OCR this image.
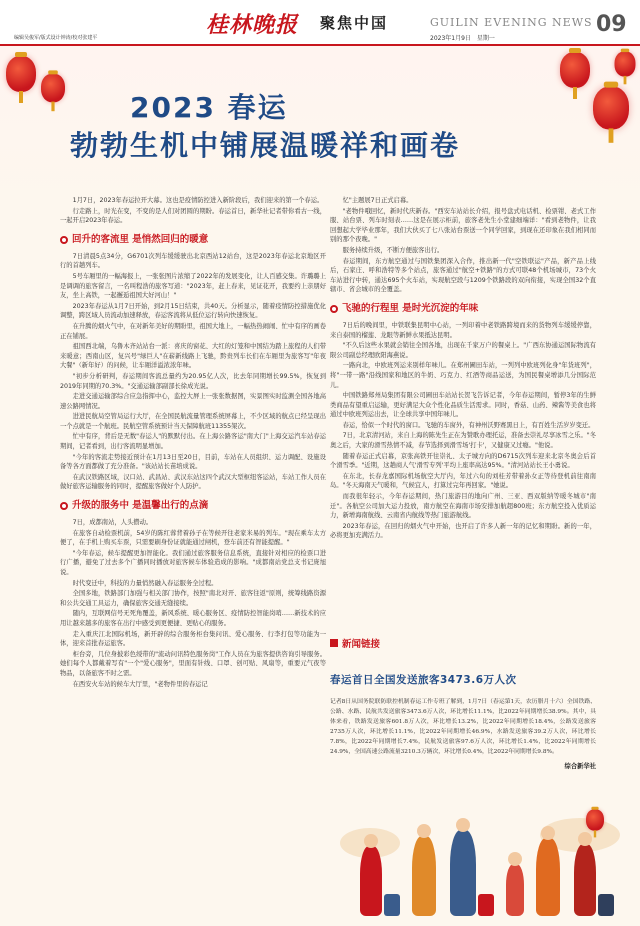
编辑吴俊军/版式设计钟涛/校对张建平	桂林晚报 聚焦中国	GUILIN EVENING NEWS
2023年1月9日　星期一
09
2023 春运
勃勃生机中铺展温暖祥和画卷

1月7日，2023年春运拉开大幕。这也是疫情防控进入新阶段后，我们迎来的第一个春运。

行走路上，时光在变，不变的是人们对团圆的期盼。春运首日，新华社记者带你看古一线，一起开启2023年春运。

回升的客流里 是悄然回归的暖意

7日清晨5点34分，G6701次列车缓缓驶出北京西站12站台，这是2023年春运北京地区开行的首趟列车。

5号车厢里的一幅海报上，一张张图片浓缩了2022年的发展变化，让人百感交集。许璐璐上是调调的旅客留言，一名叫程浩的旅客写道："2023年，赶上春来，见证花开，我要约上亲朋好友，坐上高铁，一起邂逅祖国大好河山！"

2023年春运从1月7日开始，到2月15日结束，共40天。分析显示，随着疫情防控措施优化调整，跨区域人员流动加速释放，春运客流将从低位运行转向快速恢复。

在升腾的烟火气中，在对新年美好的期盼里，祖国大地上，一幅热热闹闹、忙中有序的画卷正在铺展。

祖国西北端，乌鲁木齐站站台一派：喜庆的窗花、大红的灯笼和中国结为踏上旅程的人们带来暖意；西南山区，复兴号"绿巨人"在崭新线路上飞驰，黔贵列车长们在车厢里为旅客写"年夜大餐"（新年好）的问候，让车厢洋溢浓浓年味。

"初步分析研判，春运期间客流总量约为20.95亿人次，比去年同期增长99.5%，恢复到2019年同期的70.3%。"交通运输部副部长徐成光说。

走进交通运输部综合应急指挥中心，监控大屏上一张张数据图，实景图实时监测全国各地高速公路网情况。

进进民航局空管局运行大厅，在全国民航流量管理系统屏幕上，不少区域的航点已经呈现出一个点就是一个航班。民航空管系统预计当天保障航班11355架次。

忙中有序，背后是无数"春运人"的默默付出。在上海公路客运"南大门"上海交运汽车站春运期间，记者看到，出行客流明显增加。

"今年的客流走势接近预计在1月13日至20日，目前，车站在人员组织、运力调配、设施设备等各方面都做了充分准备。"该站站长苗培成说。

在武汉铁路区域，汉口站、武昌站、武汉东站这四个武汉大型枢纽客运站，车站工作人员在做好旅客运输服务的同时，提醒旅客做好个人防护。

升级的服务中 是温馨出行的点滴

7日，成都南站，人头攒动。

在旅客自动检票机前，54岁的陈红蓉背着孙子在等候开往老家米易的列车。"现在乘车太方便了，在手机上购买车票，只需要刷身份证就能通过闸机，登车前还有智能提醒。"

"今年春运，候车提醒更加智能化。我们通过旅客服务信息系统，直接针对相应的检票口进行广播，避免了过去多个广播同时播放对旅客候车体验造成的影响。"成都南站党总支书记庞旭说。

时代变迁中，科技的力量悄然融入春运服务全过程。

全国多地，铁路部门加强与相关部门协作，按照"南北对开、旅客往返"原则，统筹线路资源和公共交通工具运力，确保旅客交通无缝接续。

随内，互联网信号无死角覆盖，新风系统、暖心服务区、疫情防控智能岗哨……新技术的应用让越来越多的旅客在出行中感受到更便捷、更贴心的服务。

走入重庆江北国际机场，新开辟的综合服务柜台集问讯、爱心服务、行李打包等功能为一体，迎来首批春运旅客。

柜台旁，几位身披彩色绶带的"流动问讯特色服务岗"工作人员在为旅客提供咨询引导服务。她们每个人都戴着写有"一个"爱心服务"，里面有针线、口罩、创可贴、风扇等，重要元气夜等物品，以备旅客不时之需。

在西安火车站的候车大厅里，"老物件里的春运记

忆"主题展7日正式启幕。

"老物件哦回忆，新时代庆新春。"西安车站站长介绍，报号盘式电话机、检票钳、老式工作服、站台票、列车时刻表……这是在展示柜前，旅客老先生小堂建细端详："看到老物件，让我回想起大学毕业那年，我们大伙买了七八张站台票送一个同学回家，到现在还印象在我们相同而别的那个夜晚。"

服务持续升级，不断方便旅客出行。

春运期间，东方航空通过与国铁集团深入合作，推出新一代"空铁联运"产品，新产品上线后，石家庄、呼和浩特等多个站点，旅客通过"航空+铁路"的方式可联48个机场城市，73个火车站进行中转，通达695个火车站，实现航空段与1209个铁路段的双向衔接，实现全国32个直辖市、省会城市的全覆盖。

飞驰的行程里 是时光沉淀的年味

7日后的晚间里，中铁联集昆明中心站，一列印着中老铁路跨境而来的货物列车缓缓停靠，来自泰国的榴莲、龙眼等新鲜水果抵达昆明。

"不久后这些水果就会销往全国各地，出现在千家万户的餐桌上。"广西东协通运国际物流有限公司副总经理欧阳海燕说。

一路向北，中欧班列运来别样年味儿。在郑州圃田车站，一列列中欧班列化身"年货班列"，将"一带一路"沿线国家和地区的牛奶、巧克力、红酒等商品运送，为国民餐桌增添几分国际范儿。

中国铁路郑州局集团有限公司圃田车站站长贺飞告诉记者，今年春运期间，暂停3年的生鲜类商品有望重启运输，更好满足大众个性化品质生活需求。同时，香菇、山药、辣酱等美食也将通过中欧班列运出去，让全球共享中国年味儿。

春运，恰似一个时代的窗口。飞驰的车窗外，有神州沃野赛黑日上，有百姓生活岁岁变迁。

7日，北京清河站，来自上海的陈先生正在为赞歌办理托运，准备去崇礼尽享冰雪之乐。"冬奥之后，大家的滑雪热情不减，春节选择到滑雪场'打卡'，又健康又过瘾。"他说。

随着春运正式启幕，京张高铁开往崇礼、太子城方向的D6715次列车迎来北京冬奥会后首个滑雪季。"近期，这趟商人气'滑雪专列'平均上座率高达95%。"清河站站长王小勇说。

在东北，长春龙嘉国际机场航空大厅内，年过六旬的刘桂芳带着孙女正等待登机前往南南岛。"冬天海南天气暖和，气候宜人，打算过完年再回家。"她说。

而我很年轻示，今年春运期间，热门旅游目的地向广州、三亚、西双版纳等暖冬城市"南迁"。各航空公司加大运力投放，南方航空在海南市场安排加航超800班；东方航空投入优质运力，新增海南航线、云南省内航线等热门旅游航线。

2023年春运，在回归的烟火气中开始，也开启了许多人新一年的记忆和期盼。新的一年，必将更加充满活力。

新闻链接
春运首日全国发送旅客3473.6万人次
记者8日从国务院联防联控机制春运工作专班了解到，1月7日（春运第1天，农历腊月十六）全国铁路、公路、水路、民航共发送旅客3473.6万人次，环比增长11.1%，比2022年同期增长38.9%。其中，具体来看，铁路发送旅客601.8万人次，环比增长13.2%，比2022年同期增长18.4%，公路发送旅客2735万人次，环比增长11.1%，比2022年同期增长46.9%，水路发送旅客39.2万人次，环比增长7.8%，比2022年同期增长7.4%，民航发送旅客97.6万人次，环比增长1.4%，比2022年同期增长24.9%，全国高速公路流量3210.3万辆次，环比增长0.4%，比2022年同期增长9.8%。
综合新华社
